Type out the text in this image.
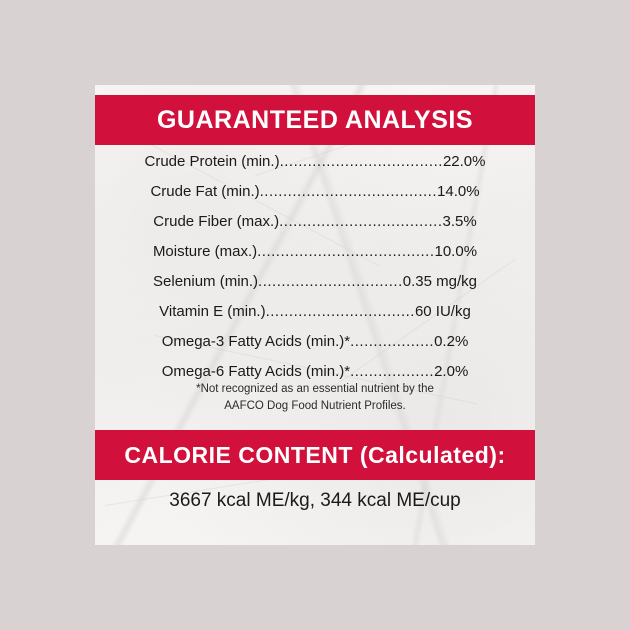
GUARANTEED ANALYSIS
Crude Protein (min.) ................................... 22.0%
Crude Fat (min.) ...................................... 14.0%
Crude Fiber (max.) ................................... 3.5%
Moisture (max.) ...................................... 10.0%
Selenium (min.) ............................... 0.35 mg/kg
Vitamin E (min.) ................................ 60 IU/kg
Omega-3 Fatty Acids (min.)* .................. 0.2%
Omega-6 Fatty Acids (min.)* .................. 2.0%
*Not recognized as an essential nutrient by the
AAFCO Dog Food Nutrient Profiles.
CALORIE CONTENT (Calculated):
3667 kcal ME/kg, 344 kcal ME/cup
